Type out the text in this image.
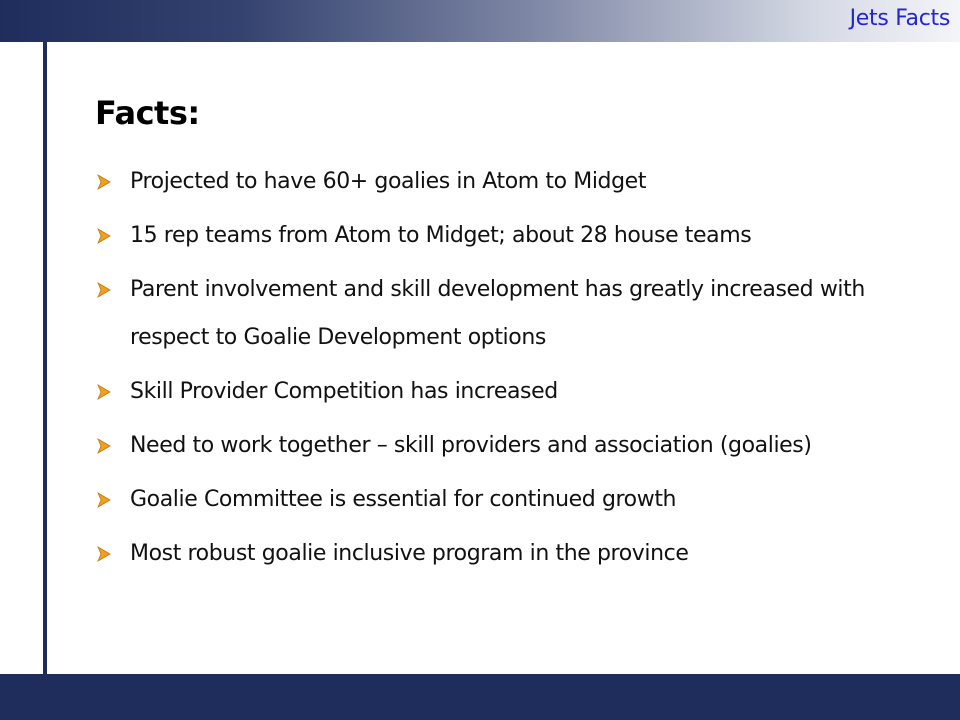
Jets Facts
Facts:
Projected to have 60+ goalies in Atom to Midget
15 rep teams from Atom to Midget; about 28 house teams
Parent involvement and skill development has greatly increased with respect to Goalie Development options
Skill Provider Competition has increased
Need to work together – skill providers and association (goalies)
Goalie Committee is essential for continued growth
Most robust goalie inclusive program in the province
